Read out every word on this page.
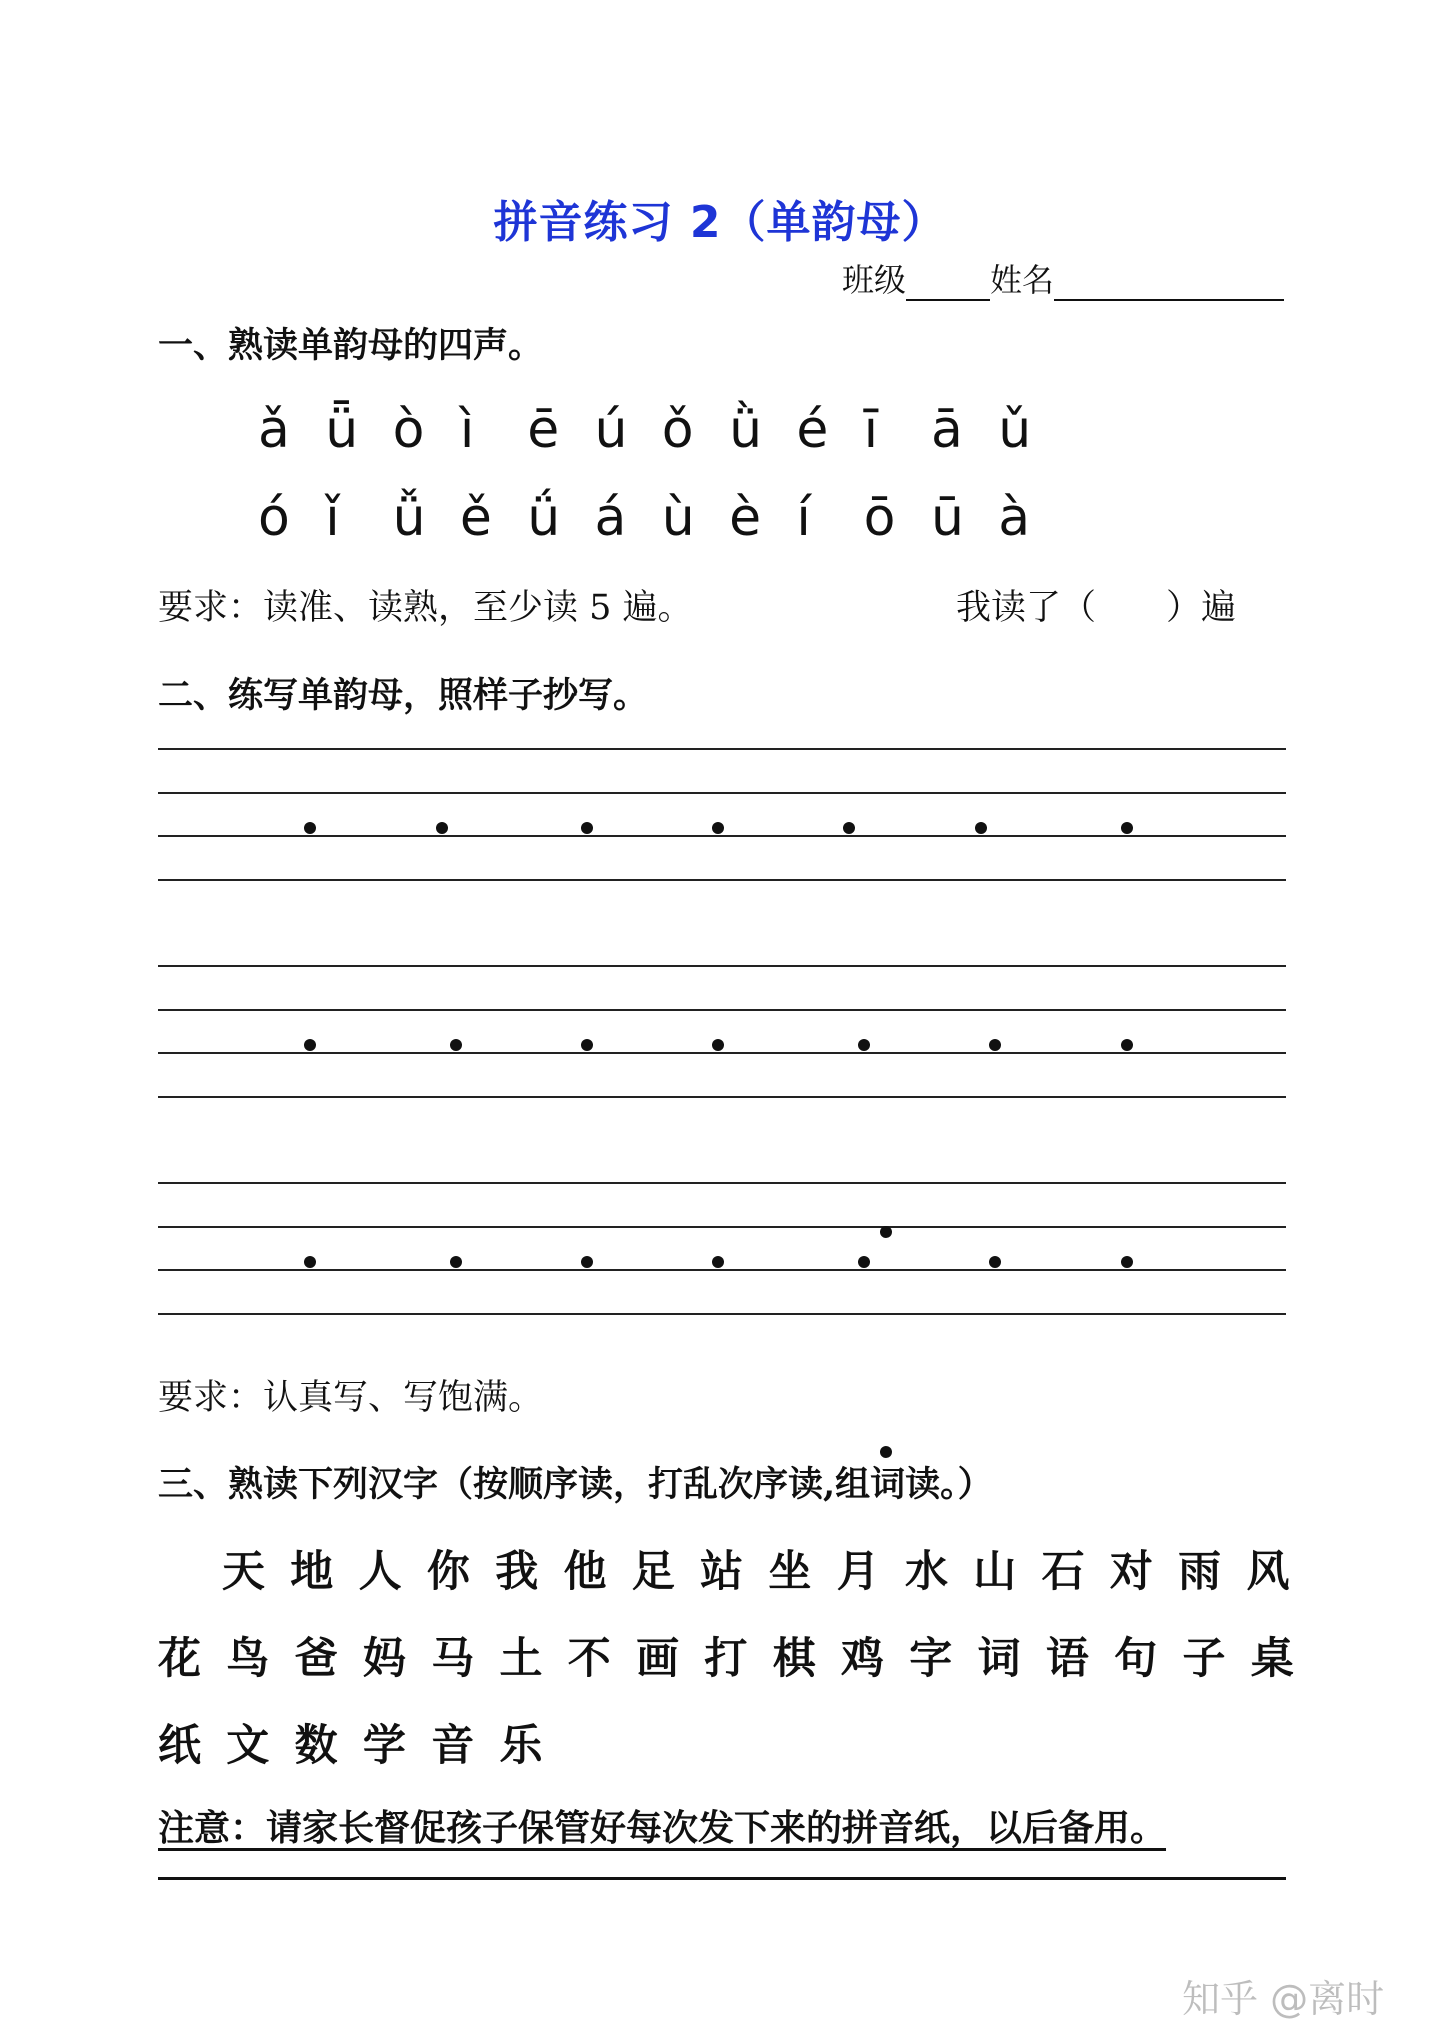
拼音练习 2（单韵母）
班级	姓名
一、熟读单韵母的四声。
ǎ ǖ ò ì ē ú ǒ ǜ é ī ā ǔ
ó ǐ ǚ ě ǘ á ù è í ō ū à
要求：读准、读熟，至少读 5 遍。	我读了（　　）遍
二、练写单韵母，照样子抄写。
要求：认真写、写饱满。
三、熟读下列汉字（按顺序读，打乱次序读,组词读。）
天 地 人 你 我 他 足 站 坐 月 水 山 石 对 雨 风
花 鸟 爸 妈 马 土 不 画 打 棋 鸡 字 词 语 句 子 桌
纸 文 数 学 音 乐
注意：请家长督促孩子保管好每次发下来的拼音纸，以后备用。
知乎 @离时
